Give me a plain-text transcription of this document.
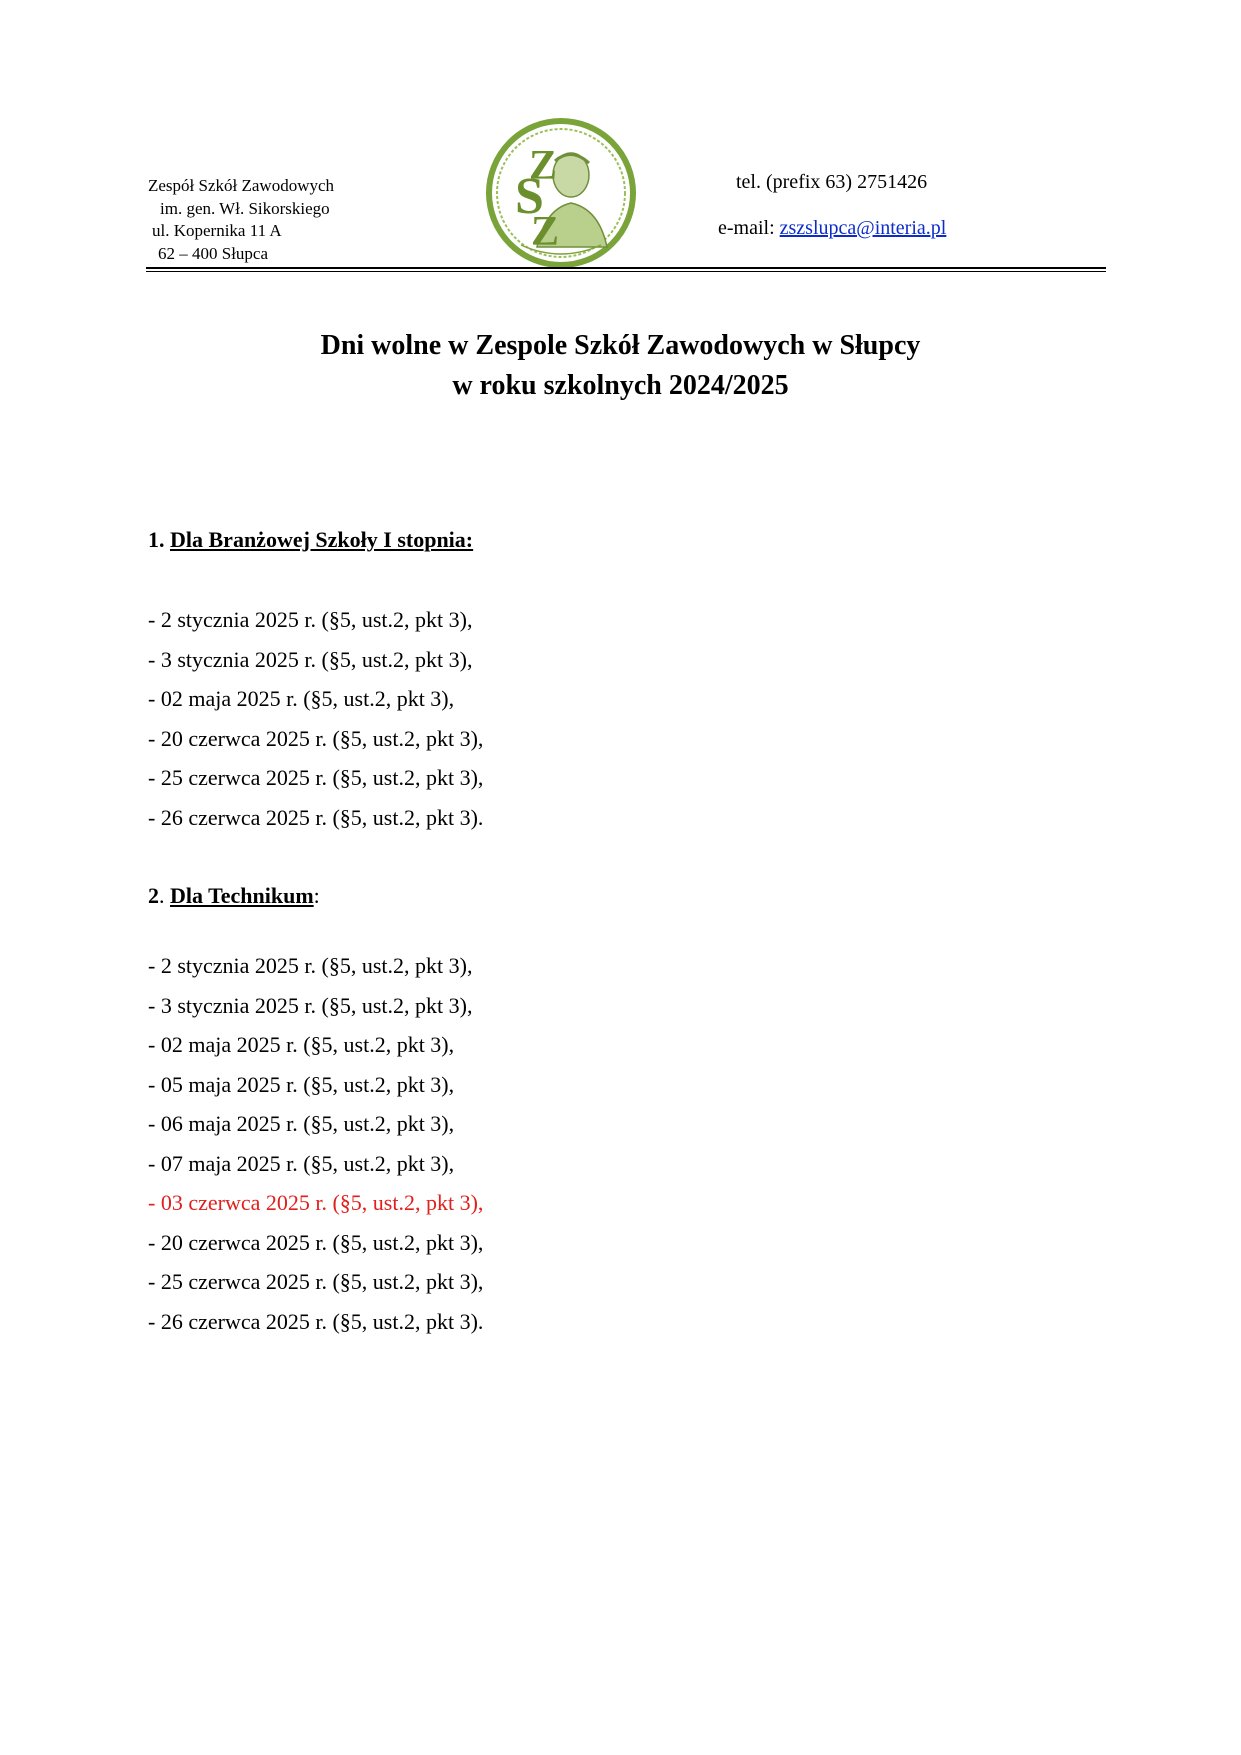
Zespół Szkół Zawodowych
im. gen. Wł. Sikorskiego
ul. Kopernika 11 A
62 – 400 Słupca
Z
S
Z
tel. (prefix 63) 2751426
e-mail: zszslupca@interia.pl
Dni wolne w Zespole Szkół Zawodowych w Słupcy
w roku szkolnych 2024/2025
1. Dla Branżowej Szkoły I stopnia:
- 2 stycznia 2025 r. (§5, ust.2, pkt 3),
- 3 stycznia 2025 r. (§5, ust.2, pkt 3),
- 02 maja 2025 r. (§5, ust.2, pkt 3),
- 20 czerwca 2025 r. (§5, ust.2, pkt 3),
- 25 czerwca 2025 r. (§5, ust.2, pkt 3),
- 26 czerwca 2025 r. (§5, ust.2, pkt 3).
2. Dla Technikum:
- 2 stycznia 2025 r. (§5, ust.2, pkt 3),
- 3 stycznia 2025 r. (§5, ust.2, pkt 3),
- 02 maja 2025 r. (§5, ust.2, pkt 3),
- 05 maja 2025 r. (§5, ust.2, pkt 3),
- 06 maja 2025 r. (§5, ust.2, pkt 3),
- 07 maja 2025 r. (§5, ust.2, pkt 3),
- 03 czerwca 2025 r. (§5, ust.2, pkt 3),
- 20 czerwca 2025 r. (§5, ust.2, pkt 3),
- 25 czerwca 2025 r. (§5, ust.2, pkt 3),
- 26 czerwca 2025 r. (§5, ust.2, pkt 3).
